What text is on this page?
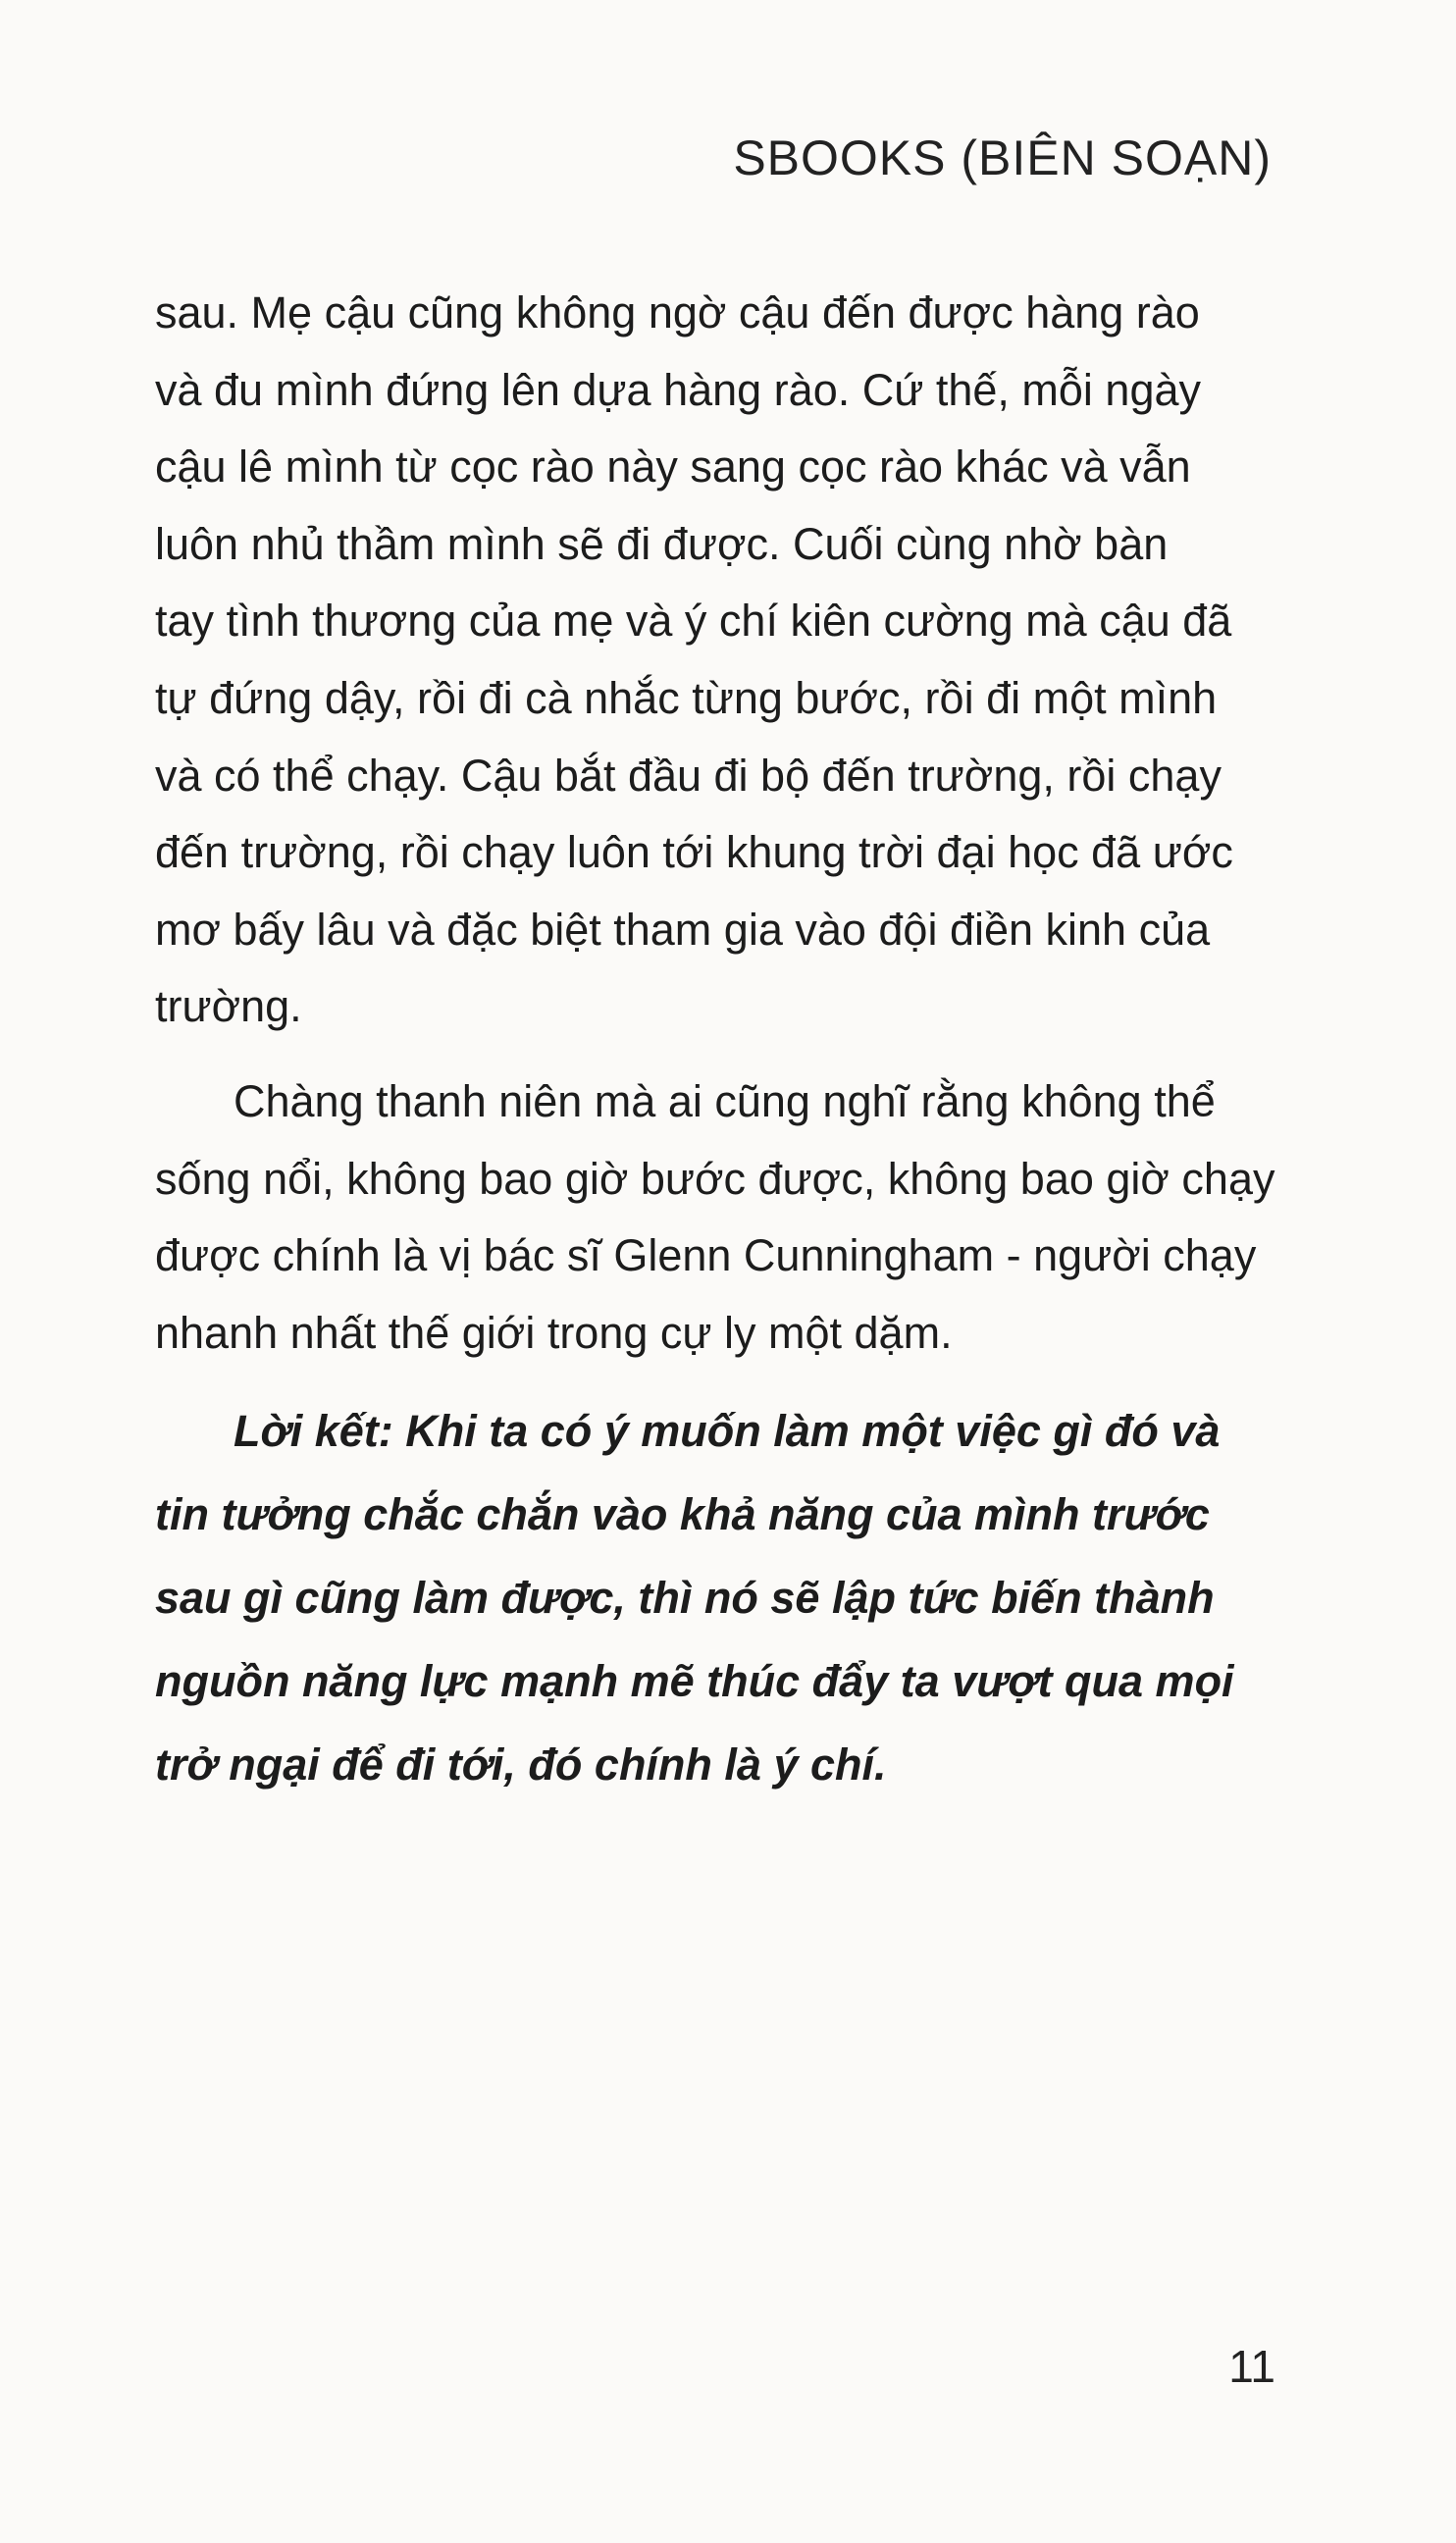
SBOOKS (BIÊN SOẠN)

sau. Mẹ cậu cũng không ngờ cậu đến được hàng rào
và đu mình đứng lên dựa hàng rào. Cứ thế, mỗi ngày
cậu lê mình từ cọc rào này sang cọc rào khác và vẫn
luôn nhủ thầm mình sẽ đi được. Cuối cùng nhờ bàn
tay tình thương của mẹ và ý chí kiên cường mà cậu đã
tự đứng dậy, rồi đi cà nhắc từng bước, rồi đi một mình
và có thể chạy. Cậu bắt đầu đi bộ đến trường, rồi chạy
đến trường, rồi chạy luôn tới khung trời đại học đã ước
mơ bấy lâu và đặc biệt tham gia vào đội điền kinh của
trường.

Chàng thanh niên mà ai cũng nghĩ rằng không thể
sống nổi, không bao giờ bước được, không bao giờ chạy
được chính là vị bác sĩ Glenn Cunningham - người chạy
nhanh nhất thế giới trong cự ly một dặm.

Lời kết: Khi ta có ý muốn làm một việc gì đó và
tin tưởng chắc chắn vào khả năng của mình trước
sau gì cũng làm được, thì nó sẽ lập tức biến thành
nguồn năng lực mạnh mẽ thúc đẩy ta vượt qua mọi
trở ngại để đi tới, đó chính là ý chí.

11
